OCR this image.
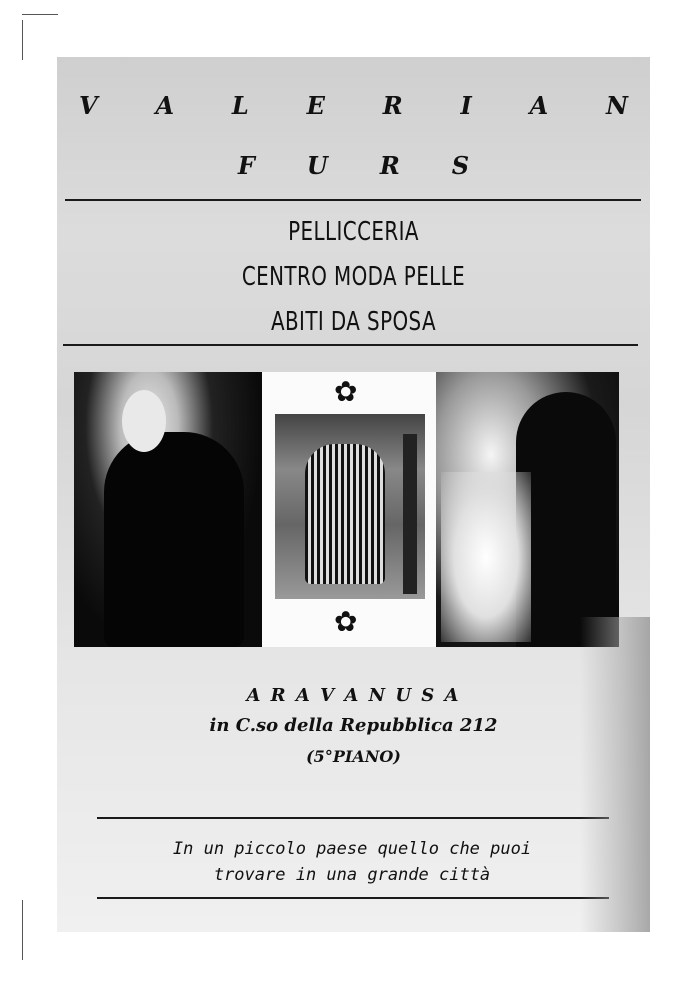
V A L E R I A N
F U R S
PELLICCERIA
CENTRO MODA PELLE
ABITI DA SPOSA
✿
✿
A R A V A N U S A
in C.so della Repubblica 212
(5°PIANO)
In un piccolo paese quello che puoi
trovare in una grande città
